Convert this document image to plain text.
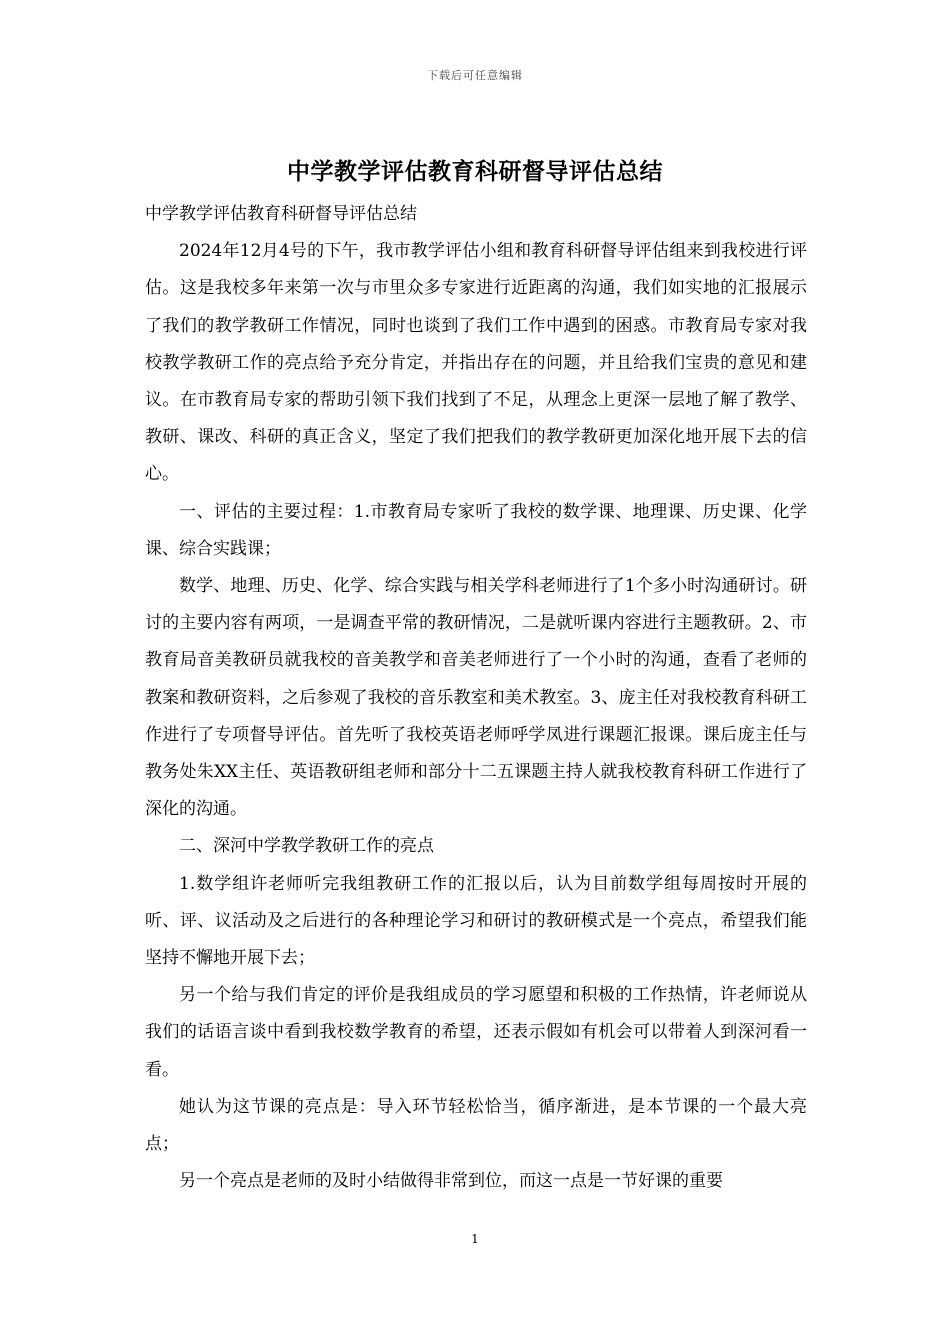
下载后可任意编辑
中学教学评估教育科研督导评估总结

中学教学评估教育科研督导评估总结

2024年12月4号的下午，我市教学评估小组和教育科研督导评估组来到我校进行评估。这是我校多年来第一次与市里众多专家进行近距离的沟通，我们如实地的汇报展示了我们的教学教研工作情况，同时也谈到了我们工作中遇到的困惑。市教育局专家对我校教学教研工作的亮点给予充分肯定，并指出存在的问题，并且给我们宝贵的意见和建议。在市教育局专家的帮助引领下我们找到了不足，从理念上更深一层地了解了教学、教研、课改、科研的真正含义，坚定了我们把我们的教学教研更加深化地开展下去的信心。

一、评估的主要过程：1.市教育局专家听了我校的数学课、地理课、历史课、化学课、综合实践课；

数学、地理、历史、化学、综合实践与相关学科老师进行了1个多小时沟通研讨。研讨的主要内容有两项，一是调查平常的教研情况，二是就听课内容进行主题教研。2、市教育局音美教研员就我校的音美教学和音美老师进行了一个小时的沟通，查看了老师的教案和教研资料，之后参观了我校的音乐教室和美术教室。3、庞主任对我校教育科研工作进行了专项督导评估。首先听了我校英语老师呼学凤进行课题汇报课。课后庞主任与教务处朱XX主任、英语教研组老师和部分十二五课题主持人就我校教育科研工作进行了深化的沟通。

二、深河中学教学教研工作的亮点

1.数学组许老师听完我组教研工作的汇报以后，认为目前数学组每周按时开展的听、评、议活动及之后进行的各种理论学习和研讨的教研模式是一个亮点，希望我们能坚持不懈地开展下去；

另一个给与我们肯定的评价是我组成员的学习愿望和积极的工作热情，许老师说从我们的话语言谈中看到我校数学教育的希望，还表示假如有机会可以带着人到深河看一看。

她认为这节课的亮点是：导入环节轻松恰当，循序渐进，是本节课的一个最大亮点；

另一个亮点是老师的及时小结做得非常到位，而这一点是一节好课的重要

1
